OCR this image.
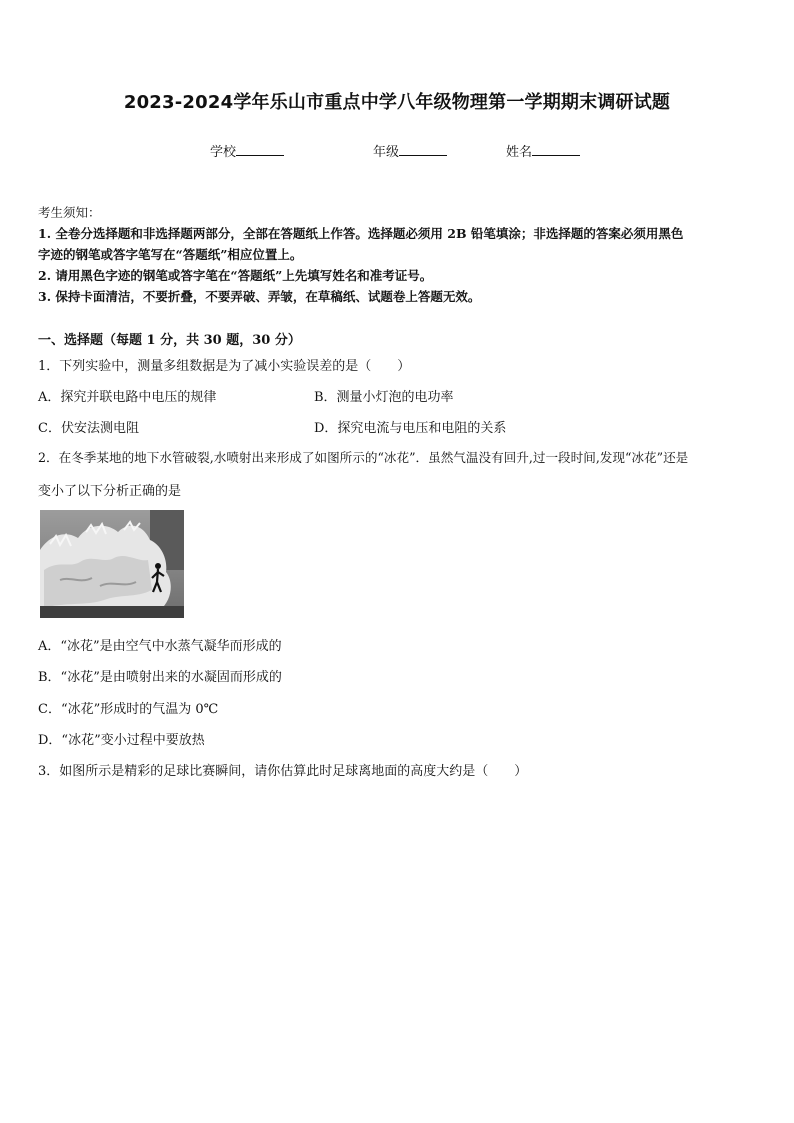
2023-2024学年乐山市重点中学八年级物理第一学期期末调研试题
学校	年级	姓名
考生须知：
1. 全卷分选择题和非选择题两部分，全部在答题纸上作答。选择题必须用 2B 铅笔填涂；非选择题的答案必须用黑色
字迹的钢笔或答字笔写在“答题纸”相应位置上。
2. 请用黑色字迹的钢笔或答字笔在“答题纸”上先填写姓名和准考证号。
3. 保持卡面清洁，不要折叠，不要弄破、弄皱，在草稿纸、试题卷上答题无效。
一、选择题（每题 1 分，共 30 题，30 分）
1．下列实验中，测量多组数据是为了减小实验误差的是（　　）
A．探究并联电路中电压的规律	B．测量小灯泡的电功率
C．伏安法测电阻	D．探究电流与电压和电阻的关系
2．在冬季某地的地下水管破裂,水喷射出来形成了如图所示的“冰花”．虽然气温没有回升,过一段时间,发现“冰花”还是
变小了以下分析正确的是
A．“冰花”是由空气中水蒸气凝华而形成的
B．“冰花”是由喷射出来的水凝固而形成的
C．“冰花”形成时的气温为 0℃
D．“冰花”变小过程中要放热
3．如图所示是精彩的足球比赛瞬间，请你估算此时足球离地面的高度大约是（　　）
